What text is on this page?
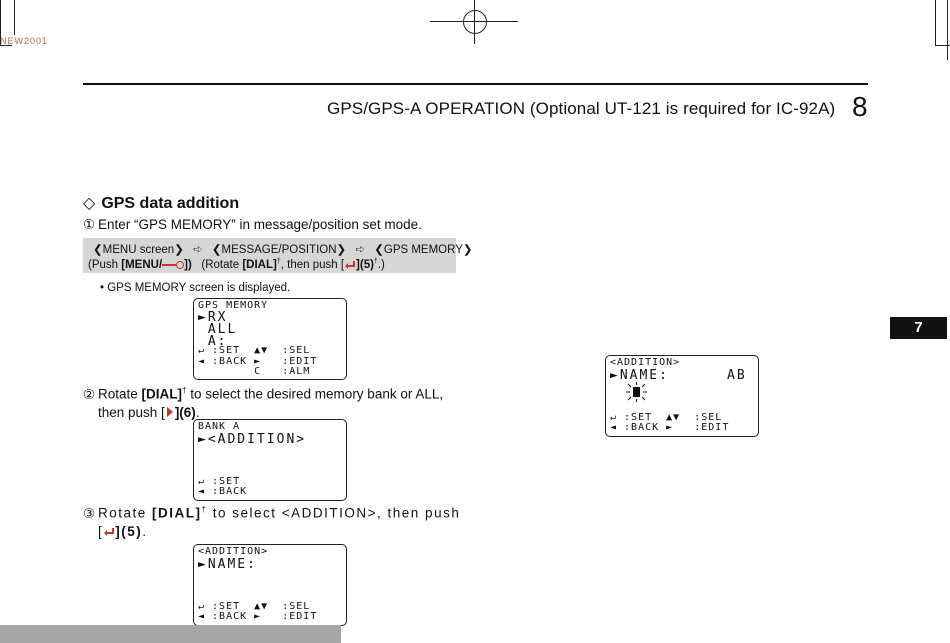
NEW2001
GPS/GPS-A OPERATION (Optional UT-121 is required for IC-92A) 8
7
◇ GPS data addition
① Enter “GPS MEMORY” in message/position set mode.
❮MENU screen❯ ➪ ❮MESSAGE/POSITION❯ ➪ ❮GPS MEMORY❯
(Push [MENU/ ]) (Rotate [DIAL]†, then push [ ](5)†.)
• GPS MEMORY screen is displayed.
GPS MEMORY
►RX
ALL
A:
↵ :SET  ▲▼  :SEL
◄ :BACK ►   :EDIT
C   :ALM
② Rotate [DIAL]† to select the desired memory bank or ALL,
then push [ ](6).
BANK A
►<ADDITION>
↵ :SET
◄ :BACK
③Rotate [DIAL]† to select <ADDITION>, then push
[ ](5).
<ADDITION>
►NAME:
↵ :SET  ▲▼  :SEL
◄ :BACK ►   :EDIT
<ADDITION>
►NAME:	AB
↵ :SET  ▲▼  :SEL
◄ :BACK ►   :EDIT
